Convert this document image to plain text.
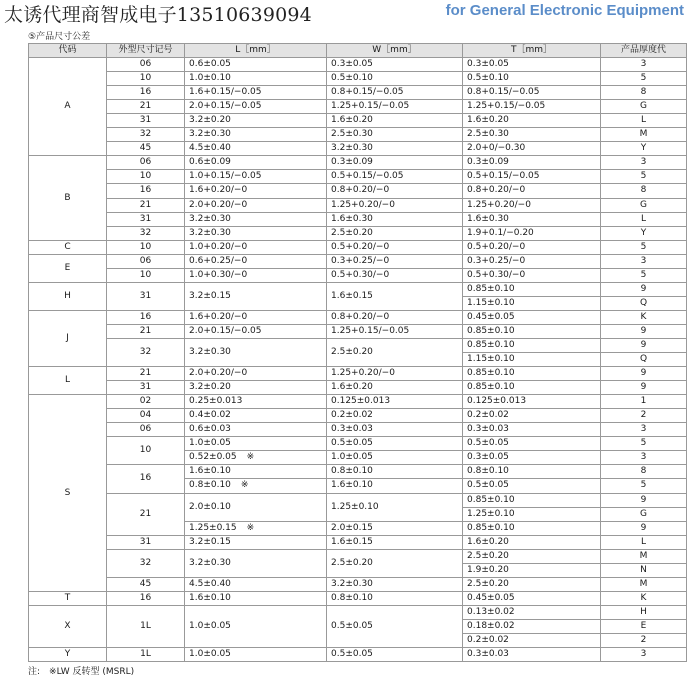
太诱代理商智成电子13510639094	for General Electronic Equipment
⑤产品尺寸公差
代码	外型尺寸记号	L［mm］	W［mm］	T［mm］	产品厚度代
A	06	0.6±0.05	0.3±0.05	0.3±0.05	3
	10	1.0±0.10	0.5±0.10	0.5±0.10	5
	16	1.6+0.15/−0.05	0.8+0.15/−0.05	0.8+0.15/−0.05	8
	21	2.0+0.15/−0.05	1.25+0.15/−0.05	1.25+0.15/−0.05	G
	31	3.2±0.20	1.6±0.20	1.6±0.20	L
	32	3.2±0.30	2.5±0.30	2.5±0.30	M
	45	4.5±0.40	3.2±0.30	2.0+0/−0.30	Y
B	06	0.6±0.09	0.3±0.09	0.3±0.09	3
	10	1.0+0.15/−0.05	0.5+0.15/−0.05	0.5+0.15/−0.05	5
	16	1.6+0.20/−0	0.8+0.20/−0	0.8+0.20/−0	8
	21	2.0+0.20/−0	1.25+0.20/−0	1.25+0.20/−0	G
	31	3.2±0.30	1.6±0.30	1.6±0.30	L
	32	3.2±0.30	2.5±0.20	1.9+0.1/−0.20	Y
C	10	1.0+0.20/−0	0.5+0.20/−0	0.5+0.20/−0	5
E	06	0.6+0.25/−0	0.3+0.25/−0	0.3+0.25/−0	3
	10	1.0+0.30/−0	0.5+0.30/−0	0.5+0.30/−0	5
H	31	3.2±0.15	1.6±0.15	0.85±0.10	9
				1.15±0.10	Q
J	16	1.6+0.20/−0	0.8+0.20/−0	0.45±0.05	K
	21	2.0+0.15/−0.05	1.25+0.15/−0.05	0.85±0.10	9
	32	3.2±0.30	2.5±0.20	0.85±0.10	9
				1.15±0.10	Q
L	21	2.0+0.20/−0	1.25+0.20/−0	0.85±0.10	9
	31	3.2±0.20	1.6±0.20	0.85±0.10	9
S	02	0.25±0.013	0.125±0.013	0.125±0.013	1
	04	0.4±0.02	0.2±0.02	0.2±0.02	2
	06	0.6±0.03	0.3±0.03	0.3±0.03	3
	10	1.0±0.05	0.5±0.05	0.5±0.05	5
		0.52±0.05 ※	1.0±0.05	0.3±0.05	3
	16	1.6±0.10	0.8±0.10	0.8±0.10	8
		0.8±0.10 ※	1.6±0.10	0.5±0.05	5
	21	2.0±0.10	1.25±0.10	0.85±0.10	9
				1.25±0.10	G
		1.25±0.15 ※	2.0±0.15	0.85±0.10	9
	31	3.2±0.15	1.6±0.15	1.6±0.20	L
	32	3.2±0.30	2.5±0.20	2.5±0.20	M
				1.9±0.20	N
	45	4.5±0.40	3.2±0.30	2.5±0.20	M
T	16	1.6±0.10	0.8±0.10	0.45±0.05	K
X	1L	1.0±0.05	0.5±0.05	0.13±0.02	H
				0.18±0.02	E
				0.2±0.02	2
Y	1L	1.0±0.05	0.5±0.05	0.3±0.03	3
注:　※LW 反转型 (MSRL)
